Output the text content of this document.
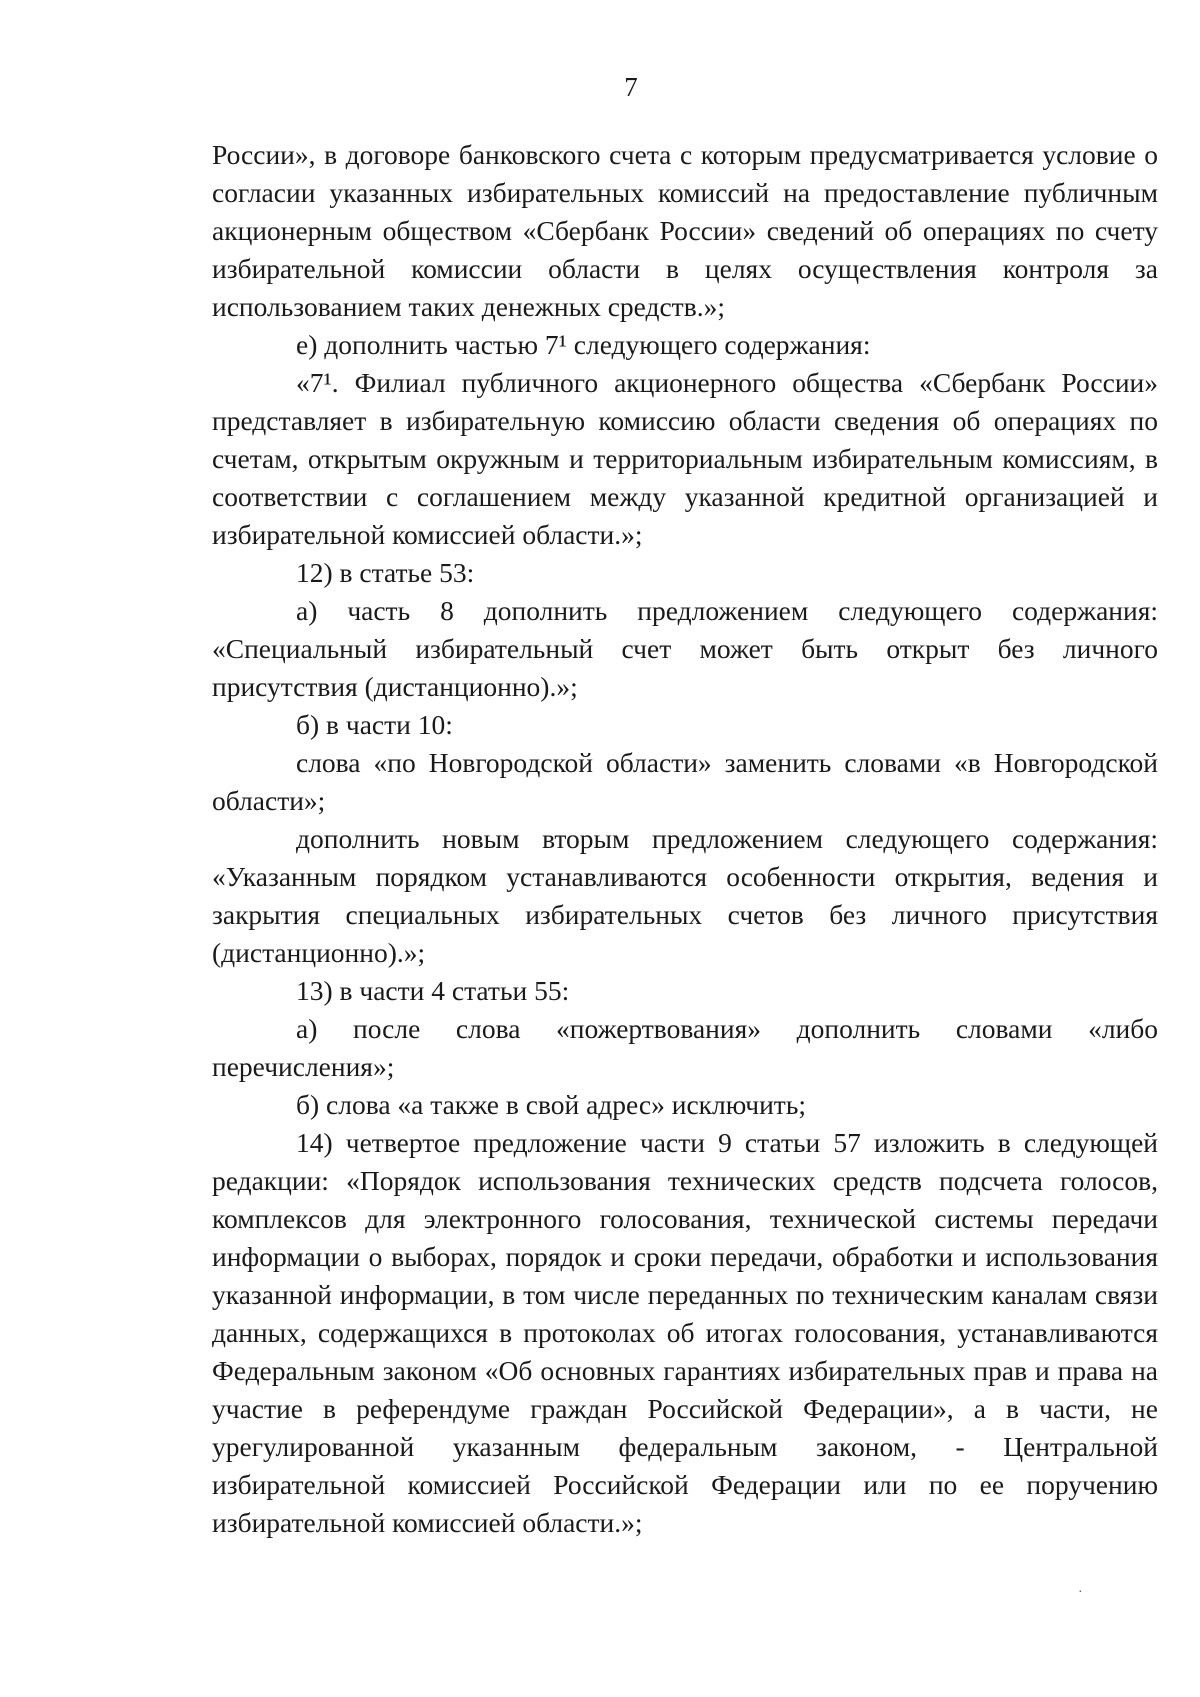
7

России», в договоре банковского счета с которым предусматривается условие о согласии указанных избирательных комиссий на предоставление публичным акционерным обществом «Сбербанк России» сведений об операциях по счету избирательной комиссии области в целях осуществления контроля за использованием таких денежных средств.»;

е) дополнить частью 7¹ следующего содержания:

«7¹. Филиал публичного акционерного общества «Сбербанк России» представляет в избирательную комиссию области сведения об операциях по счетам, открытым окружным и территориальным избирательным комиссиям, в соответствии с соглашением между указанной кредитной организацией и избирательной комиссией области.»;

12) в статье 53:

а) часть 8 дополнить предложением следующего содержания: «Специальный избирательный счет может быть открыт без личного присутствия (дистанционно).»;

б) в части 10:

слова «по Новгородской области» заменить словами «в Новгородской области»;

дополнить новым вторым предложением следующего содержания: «Указанным порядком устанавливаются особенности открытия, ведения и закрытия специальных избирательных счетов без личного присутствия (дистанционно).»;

13) в части 4 статьи 55:

а) после слова «пожертвования» дополнить словами «либо перечисления»;

б) слова «а также в свой адрес» исключить;

14) четвертое предложение части 9 статьи 57 изложить в следующей редакции: «Порядок использования технических средств подсчета голосов, комплексов для электронного голосования, технической системы передачи информации о выборах, порядок и сроки передачи, обработки и использования указанной информации, в том числе переданных по техническим каналам связи данных, содержащихся в протоколах об итогах голосования, устанавливаются Федеральным законом «Об основных гарантиях избирательных прав и права на участие в референдуме граждан Российской Федерации», а в части, не урегулированной указанным федеральным законом, - Центральной избирательной комиссией Российской Федерации или по ее поручению избирательной комиссией области.»;

·
